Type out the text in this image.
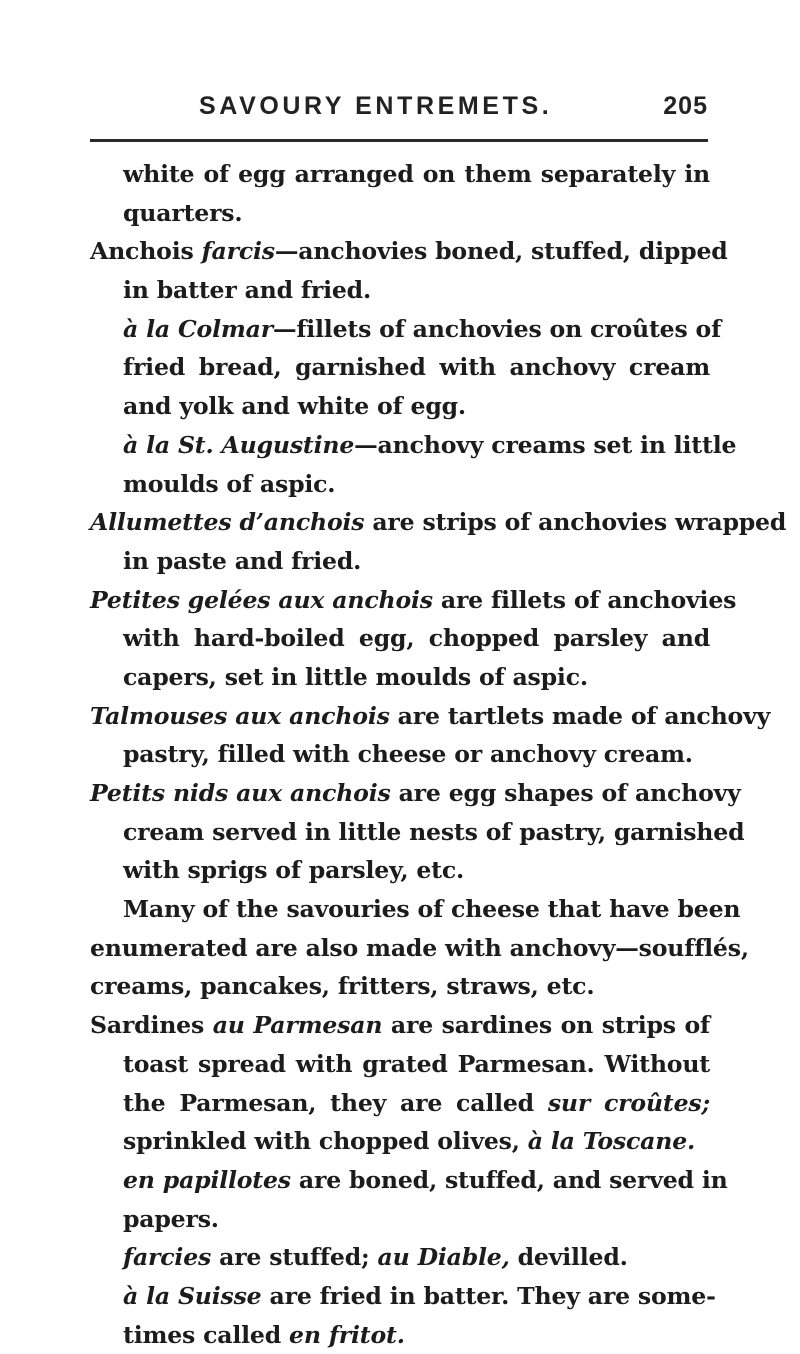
SAVOURY ENTREMETS.	205
white of egg arranged on them separately in
quarters.
Anchois farcis—anchovies boned, stuffed, dipped
in batter and fried.
à la Colmar—fillets of anchovies on croûtes of
fried bread, garnished with anchovy cream
and yolk and white of egg.
à la St. Augustine—anchovy creams set in little
moulds of aspic.
Allumettes d’anchois are strips of anchovies wrapped
in paste and fried.
Petites gelées aux anchois are fillets of anchovies
with hard-boiled egg, chopped parsley and
capers, set in little moulds of aspic.
Talmouses aux anchois are tartlets made of anchovy
pastry, filled with cheese or anchovy cream.
Petits nids aux anchois are egg shapes of anchovy
cream served in little nests of pastry, garnished
with sprigs of parsley, etc.
Many of the savouries of cheese that have been
enumerated are also made with anchovy—soufflés,
creams, pancakes, fritters, straws, etc.
Sardines au Parmesan are sardines on strips of
toast spread with grated Parmesan. Without
the Parmesan, they are called sur croûtes;
sprinkled with chopped olives, à la Toscane.
en papillotes are boned, stuffed, and served in
papers.
farcies are stuffed; au Diable, devilled.
à la Suisse are fried in batter. They are some-
times called en fritot.
